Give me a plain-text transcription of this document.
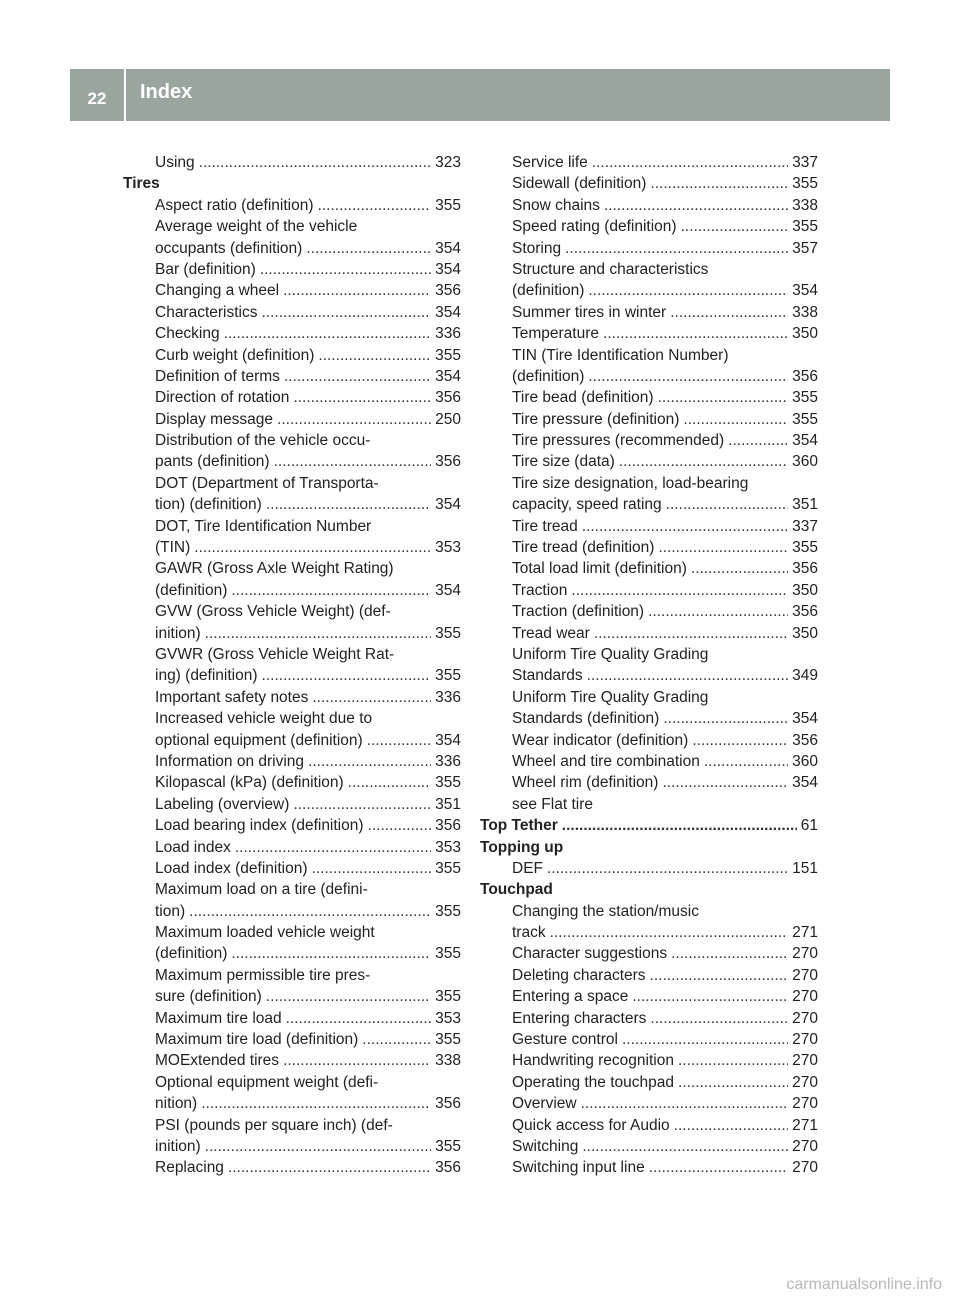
22	Index
Using .....	323
Tires
Aspect ratio (definition) .....	355
Average weight of the vehicle
occupants (definition) .....	354
Bar (definition) .....	354
Changing a wheel .....	356
Characteristics .....	354
Checking .....	336
Curb weight (definition) .....	355
Definition of terms .....	354
Direction of rotation .....	356
Display message .....	250
Distribution of the vehicle occu-
pants (definition) .....	356
DOT (Department of Transporta-
tion) (definition) .....	354
DOT, Tire Identification Number
(TIN) .....	353
GAWR (Gross Axle Weight Rating)
(definition) .....	354
GVW (Gross Vehicle Weight) (def-
inition) .....	355
GVWR (Gross Vehicle Weight Rat-
ing) (definition) .....	355
Important safety notes .....	336
Increased vehicle weight due to
optional equipment (definition) .....	354
Information on driving .....	336
Kilopascal (kPa) (definition) .....	355
Labeling (overview) .....	351
Load bearing index (definition) .....	356
Load index .....	353
Load index (definition) .....	355
Maximum load on a tire (defini-
tion) .....	355
Maximum loaded vehicle weight
(definition) .....	355
Maximum permissible tire pres-
sure (definition) .....	355
Maximum tire load .....	353
Maximum tire load (definition) .....	355
MOExtended tires .....	338
Optional equipment weight (defi-
nition) .....	356
PSI (pounds per square inch) (def-
inition) .....	355
Replacing .....	356
Service life .....	337
Sidewall (definition) .....	355
Snow chains .....	338
Speed rating (definition) .....	355
Storing .....	357
Structure and characteristics
(definition) .....	354
Summer tires in winter .....	338
Temperature .....	350
TIN (Tire Identification Number)
(definition) .....	356
Tire bead (definition) .....	355
Tire pressure (definition) .....	355
Tire pressures (recommended) .....	354
Tire size (data) .....	360
Tire size designation, load-bearing
capacity, speed rating .....	351
Tire tread .....	337
Tire tread (definition) .....	355
Total load limit (definition) .....	356
Traction .....	350
Traction (definition) .....	356
Tread wear .....	350
Uniform Tire Quality Grading
Standards .....	349
Uniform Tire Quality Grading
Standards (definition) .....	354
Wear indicator (definition) .....	356
Wheel and tire combination .....	360
Wheel rim (definition) .....	354
see Flat tire
Top Tether .....	61
Topping up
DEF .....	151
Touchpad
Changing the station/music
track .....	271
Character suggestions .....	270
Deleting characters .....	270
Entering a space .....	270
Entering characters .....	270
Gesture control .....	270
Handwriting recognition .....	270
Operating the touchpad .....	270
Overview .....	270
Quick access for Audio .....	271
Switching .....	270
Switching input line .....	270
carmanualsonline.info
